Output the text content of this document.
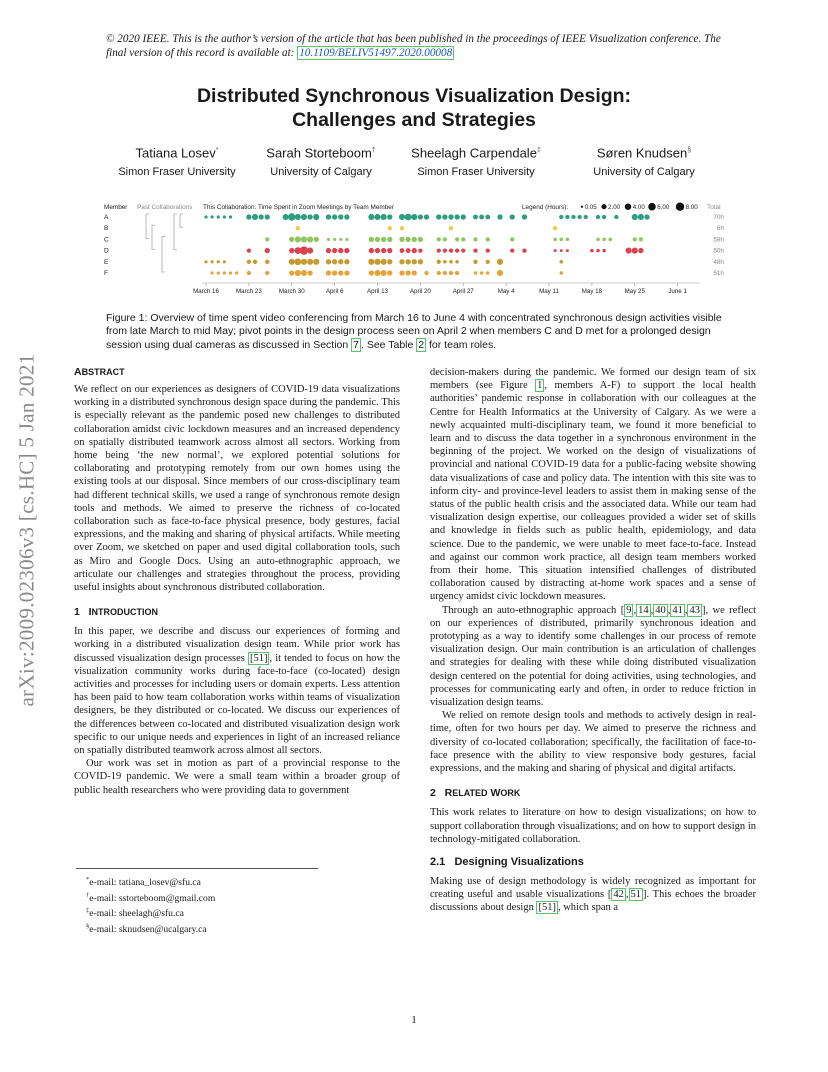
© 2020 IEEE. This is the author’s version of the article that has been published in the proceedings of IEEE Visualization conference. The final version of this record is available at: 10.1109/BELIV51497.2020.00008
Distributed Synchronous Visualization Design:
Challenges and Strategies
Tatiana Losev*
Simon Fraser University
Sarah Storteboom†
University of Calgary
Sheelagh Carpendale‡
Simon Fraser University
Søren Knudsen§
University of Calgary
arXiv:2009.02306v3 [cs.HC] 5 Jan 2021
Member Past Collaborations This Collaboration: Time Spent in Zoom Meetings by Team Member	Legend (Hours):	Total
0.05 2.00 4.00 6.00	8.00
A	70h
B	6h
C	58h
D	50h
E	48h
F	51h
March 16	March 23	March 30	April 6	April 13	April 20	April 27	May 4	May 11	May 18	May 25	June 1
Figure 1: Overview of time spent video conferencing from March 16 to June 4 with concentrated synchronous design activities visible from late March to mid May; pivot points in the design process seen on April 2 when members C and D met for a prolonged design session using dual cameras as discussed in Section 7 . See Table 2 for team roles.
ABSTRACT

We reflect on our experiences as designers of COVID-19 data visualizations working in a distributed synchronous design space during the pandemic. This is especially relevant as the pandemic posed new challenges to distributed collaboration amidst civic lockdown measures and an increased dependency on spatially distributed teamwork across almost all sectors. Working from home being ‘the new normal’, we explored potential solutions for collaborating and prototyping remotely from our own homes using the existing tools at our disposal. Since members of our cross-disciplinary team had different technical skills, we used a range of synchronous remote design tools and methods. We aimed to preserve the richness of co-located collaboration such as face-to-face physical presence, body gestures, facial expressions, and the making and sharing of physical artifacts. While meeting over Zoom, we sketched on paper and used digital collaboration tools, such as Miro and Google Docs. Using an auto-ethnographic approach, we articulate our challenges and strategies throughout the process, providing useful insights about synchronous distributed collaboration.

1 INTRODUCTION

In this paper, we describe and discuss our experiences of forming and working in a distributed visualization design team. While prior work has discussed visualization design processes [51] , it tended to focus on how the visualization community works during face-to-face (co-located) design activities and processes for including users or domain experts. Less attention has been paid to how team collaboration works within teams of visualization designers, be they distributed or co-located. We discuss our experiences of the differences between co-located and distributed visualization design work specific to our unique needs and experiences in light of an increased reliance on spatially distributed teamwork across almost all sectors.

Our work was set in motion as part of a provincial response to the COVID-19 pandemic. We were a small team within a broader group of public health researchers who were providing data to government

*e-mail: tatiana_losev@sfu.ca
†e-mail: sstorteboom@gmail.com
‡e-mail: sheelagh@sfu.ca
§e-mail: sknudsen@ucalgary.ca

decision-makers during the pandemic. We formed our design team of six members (see Figure 1 , members A-F) to support the local health authorities’ pandemic response in collaboration with our colleagues at the Centre for Health Informatics at the University of Calgary. As we were a newly acquainted multi-disciplinary team, we found it more beneficial to learn and to discuss the data together in a synchronous environment in the beginning of the project. We worked on the design of visualizations of provincial and national COVID-19 data for a public-facing website showing data visualizations of case and policy data. The intention with this site was to inform city- and province-level leaders to assist them in making sense of the status of the public health crisis and the associated data. While our team had visualization design expertise, our colleagues provided a wider set of skills and knowledge in fields such as public health, epidemiology, and data science. Due to the pandemic, we were unable to meet face-to-face. Instead and against our common work practice, all design team members worked from their home. This situation intensified challenges of distributed collaboration caused by distracting at-home work spaces and a sense of urgency amidst civic lockdown measures.

Through an auto-ethnographic approach [ 9 , 14 , 40 , 41 , 43 ], we reflect on our experiences of distributed, primarily synchronous ideation and prototyping as a way to identify some challenges in our process of remote visualization design. Our main contribution is an articulation of challenges and strategies for dealing with these while doing distributed visualization design centered on the potential for doing activities, using technologies, and processes for communicating early and often, in order to reduce friction in visualization design teams.

We relied on remote design tools and methods to actively design in real-time, often for two hours per day. We aimed to preserve the richness and diversity of co-located collaboration; specifically, the facilitation of face-to-face presence with the ability to view responsive body gestures, facial expressions, and the making and sharing of physical and digital artifacts.

2 RELATED WORK

This work relates to literature on how to design visualizations; on how to support collaboration through visualizations; and on how to support design in technology-mitigated collaboration.

2.1 Designing Visualizations

Making use of design methodology is widely recognized as important for creating useful and usable visualizations [ 42 , 51 ]. This echoes the broader discussions about design [51] , which span a

1
